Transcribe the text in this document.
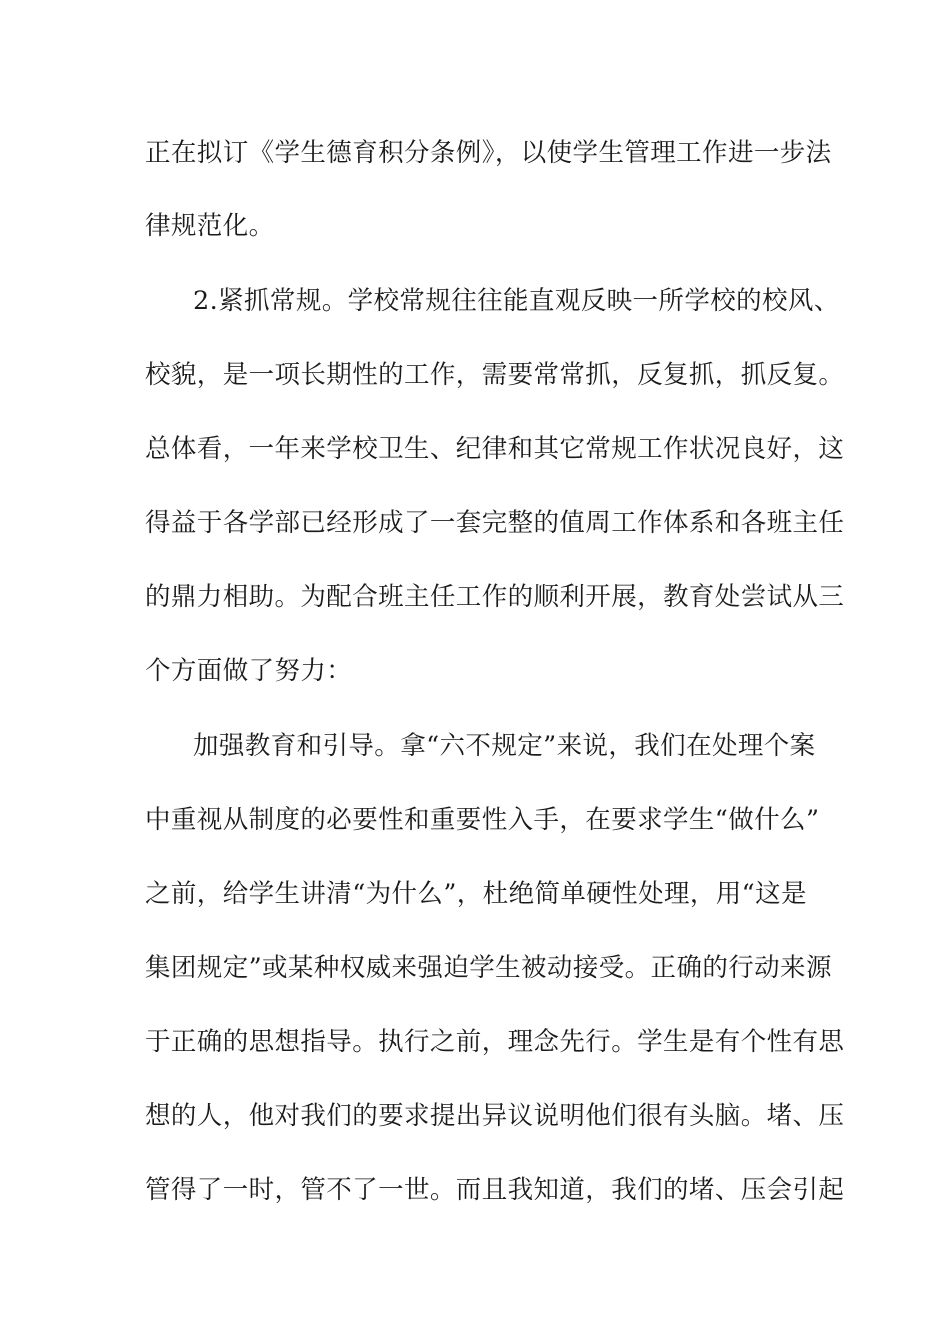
正在拟订《学生德育积分条例》，以使学生管理工作进一步法
律规范化。
2.紧抓常规。学校常规往往能直观反映一所学校的校风、
校貌，是一项长期性的工作，需要常常抓，反复抓，抓反复。
总体看，一年来学校卫生、纪律和其它常规工作状况良好，这
得益于各学部已经形成了一套完整的值周工作体系和各班主任
的鼎力相助。为配合班主任工作的顺利开展，教育处尝试从三
个方面做了努力：
加强教育和引导。拿“六不规定”来说，我们在处理个案
中重视从制度的必要性和重要性入手，在要求学生“做什么”
之前，给学生讲清“为什么”，杜绝简单硬性处理，用“这是
集团规定”或某种权威来强迫学生被动接受。正确的行动来源
于正确的思想指导。执行之前，理念先行。学生是有个性有思
想的人，他对我们的要求提出异议说明他们很有头脑。堵、压
管得了一时，管不了一世。而且我知道，我们的堵、压会引起
